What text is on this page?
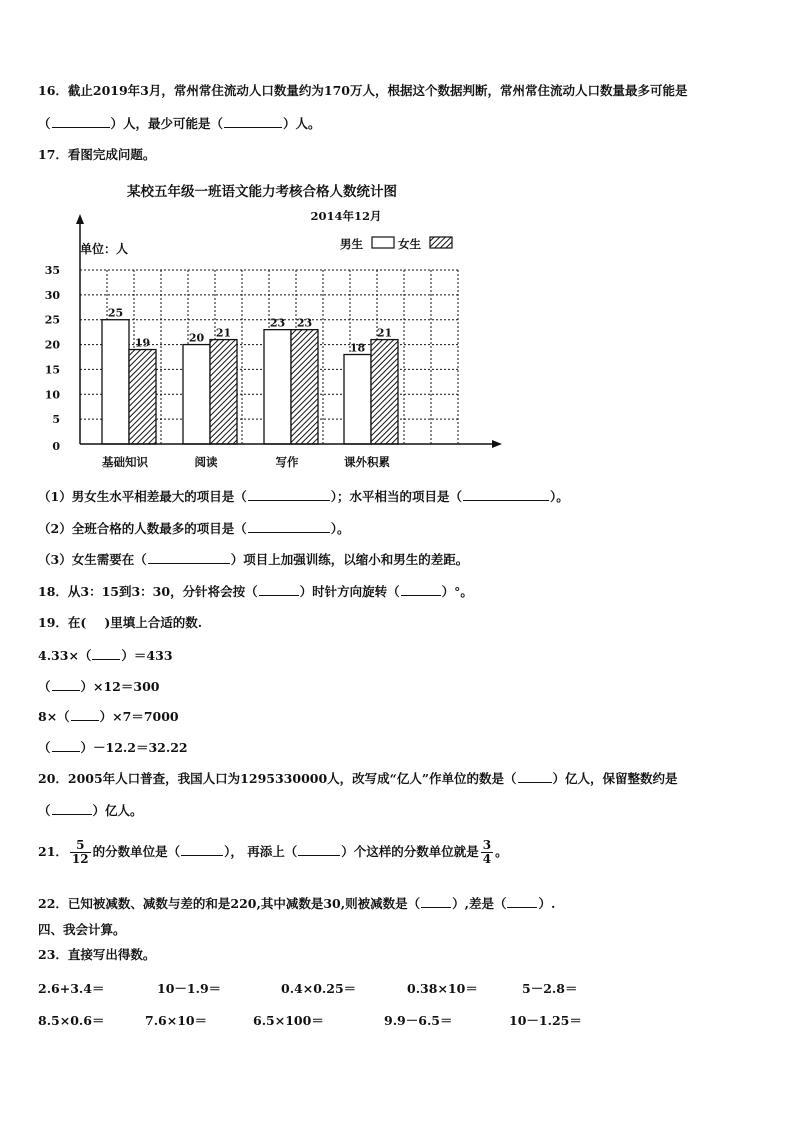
16．截止2019年3月，常州常住流动人口数量约为170万人，根据这个数据判断，常州常住流动人口数量最多可能是
（	）人，最少可能是（	）人。
17．看图完成问题。
某校五年级一班语文能力考核合格人数统计图
2014年12月
单位：人	男生	女生
0
5
10
15
20
25
30
35
25
19	20 21
23 23
18
21
基础知识	阅读	写作	课外积累
（1）男女生水平相差最大的项目是（	）；水平相当的项目是（	）。
（2）全班合格的人数最多的项目是（	）。
（3）女生需要在（	）项目上加强训练，以缩小和男生的差距。
18．从3：15到3：30，分针将会按（	）时针方向旋转（	）°。
19．在( )里填上合适的数.
4.33×（ ）＝433
（ ）×12＝300
8×（ ）×7＝7000
（ ）－12.2＝32.22
20．2005年人口普查，我国人口为1295330000人，改写成“亿人”作单位的数是（	）亿人，保留整数约是
（	）亿人。
21． $\frac{5}{12}$ 的分数单位是（	）， 再添上（	）个这样的分数单位就是 $\frac{3}{4}$ 。
22．已知被减数、减数与差的和是220,其中减数是30,则被减数是（	）,差是（	）.
四、我会计算。
23．直接写出得数。
2.6+3.4＝	10－1.9＝	0.4×0.25＝	0.38×10＝	5－2.8＝
8.5×0.6＝	7.6×10＝	6.5×100＝	9.9－6.5＝	10－1.25＝
